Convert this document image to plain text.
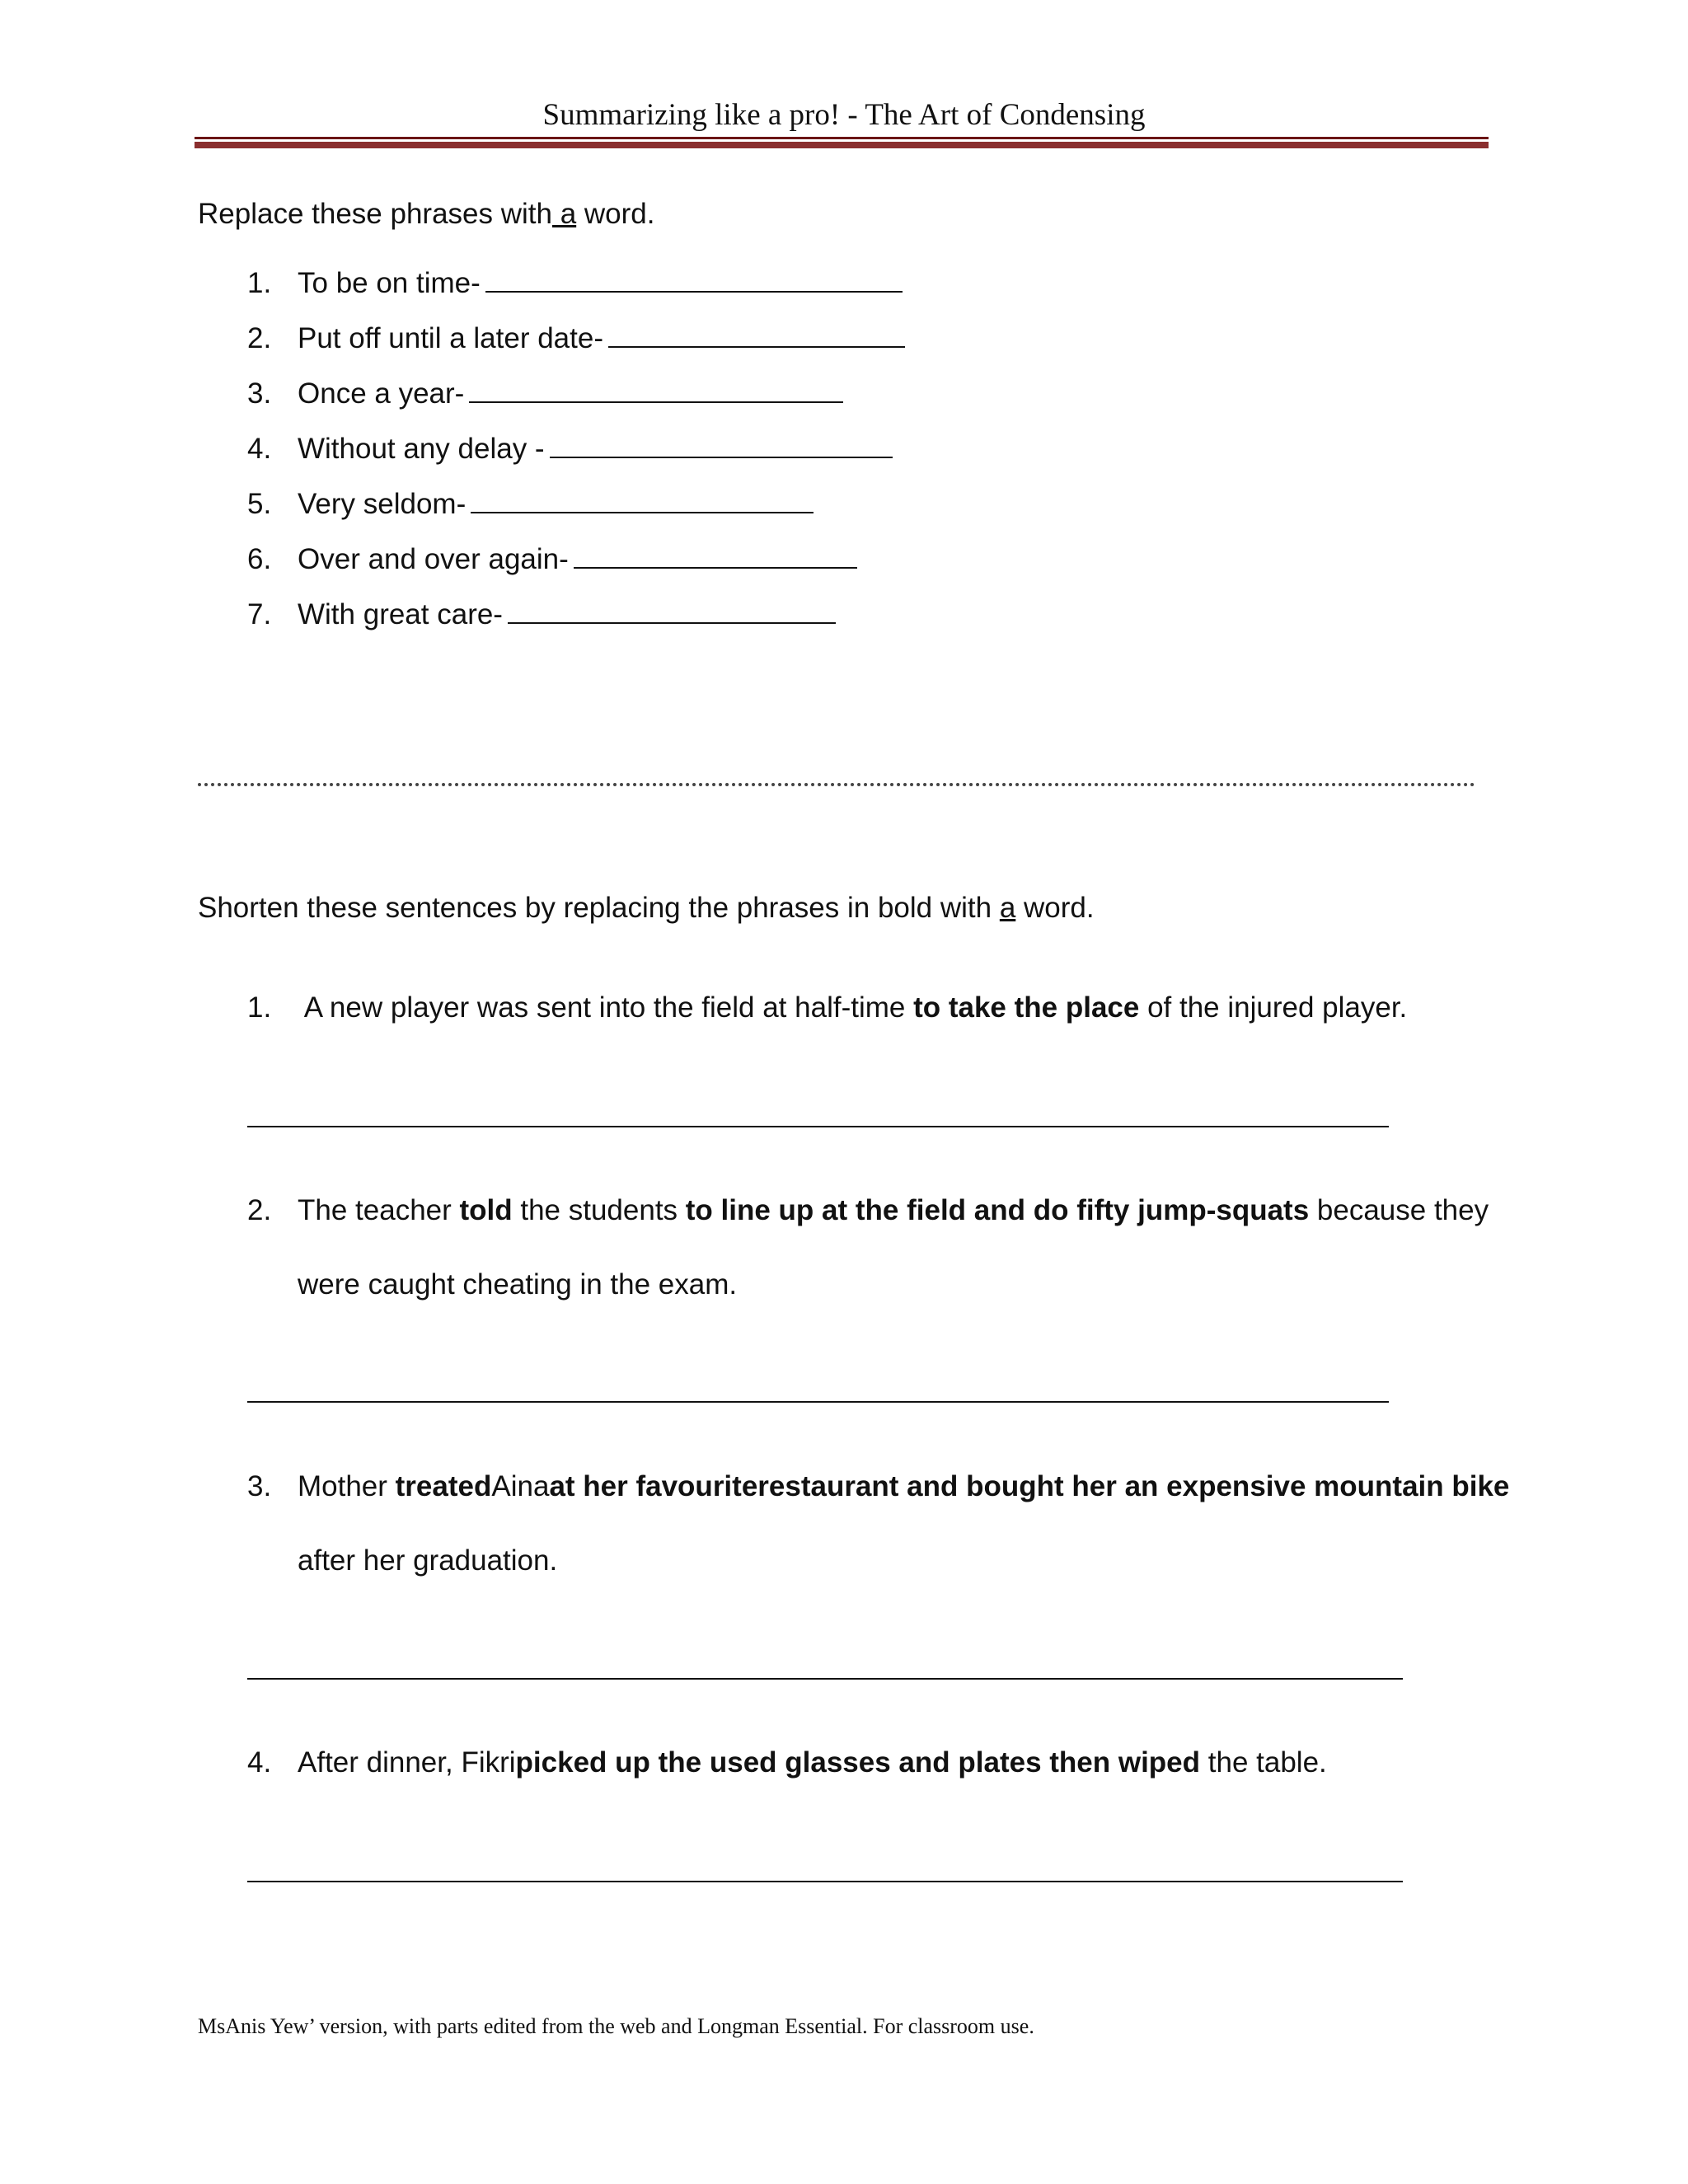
Summarizing like a pro! - The Art of Condensing
Replace these phrases with a word.
1. To be on time-
2. Put off until a later date-
3. Once a year-
4. Without any delay -
5. Very seldom-
6. Over and over again-
7. With great care-
Shorten these sentences by replacing the phrases in bold with a word.
1. A new player was sent into the field at half-time to take the place of the injured player.
2. The teacher told the students to line up at the field and do fifty jump-squats because they
were caught cheating in the exam.
3. Mother treatedAinaat her favouriterestaurant and bought her an expensive mountain bike
after her graduation.
4. After dinner, Fikripicked up the used glasses and plates then wiped the table.
MsAnis Yew’ version, with parts edited from the web and Longman Essential. For classroom use.
